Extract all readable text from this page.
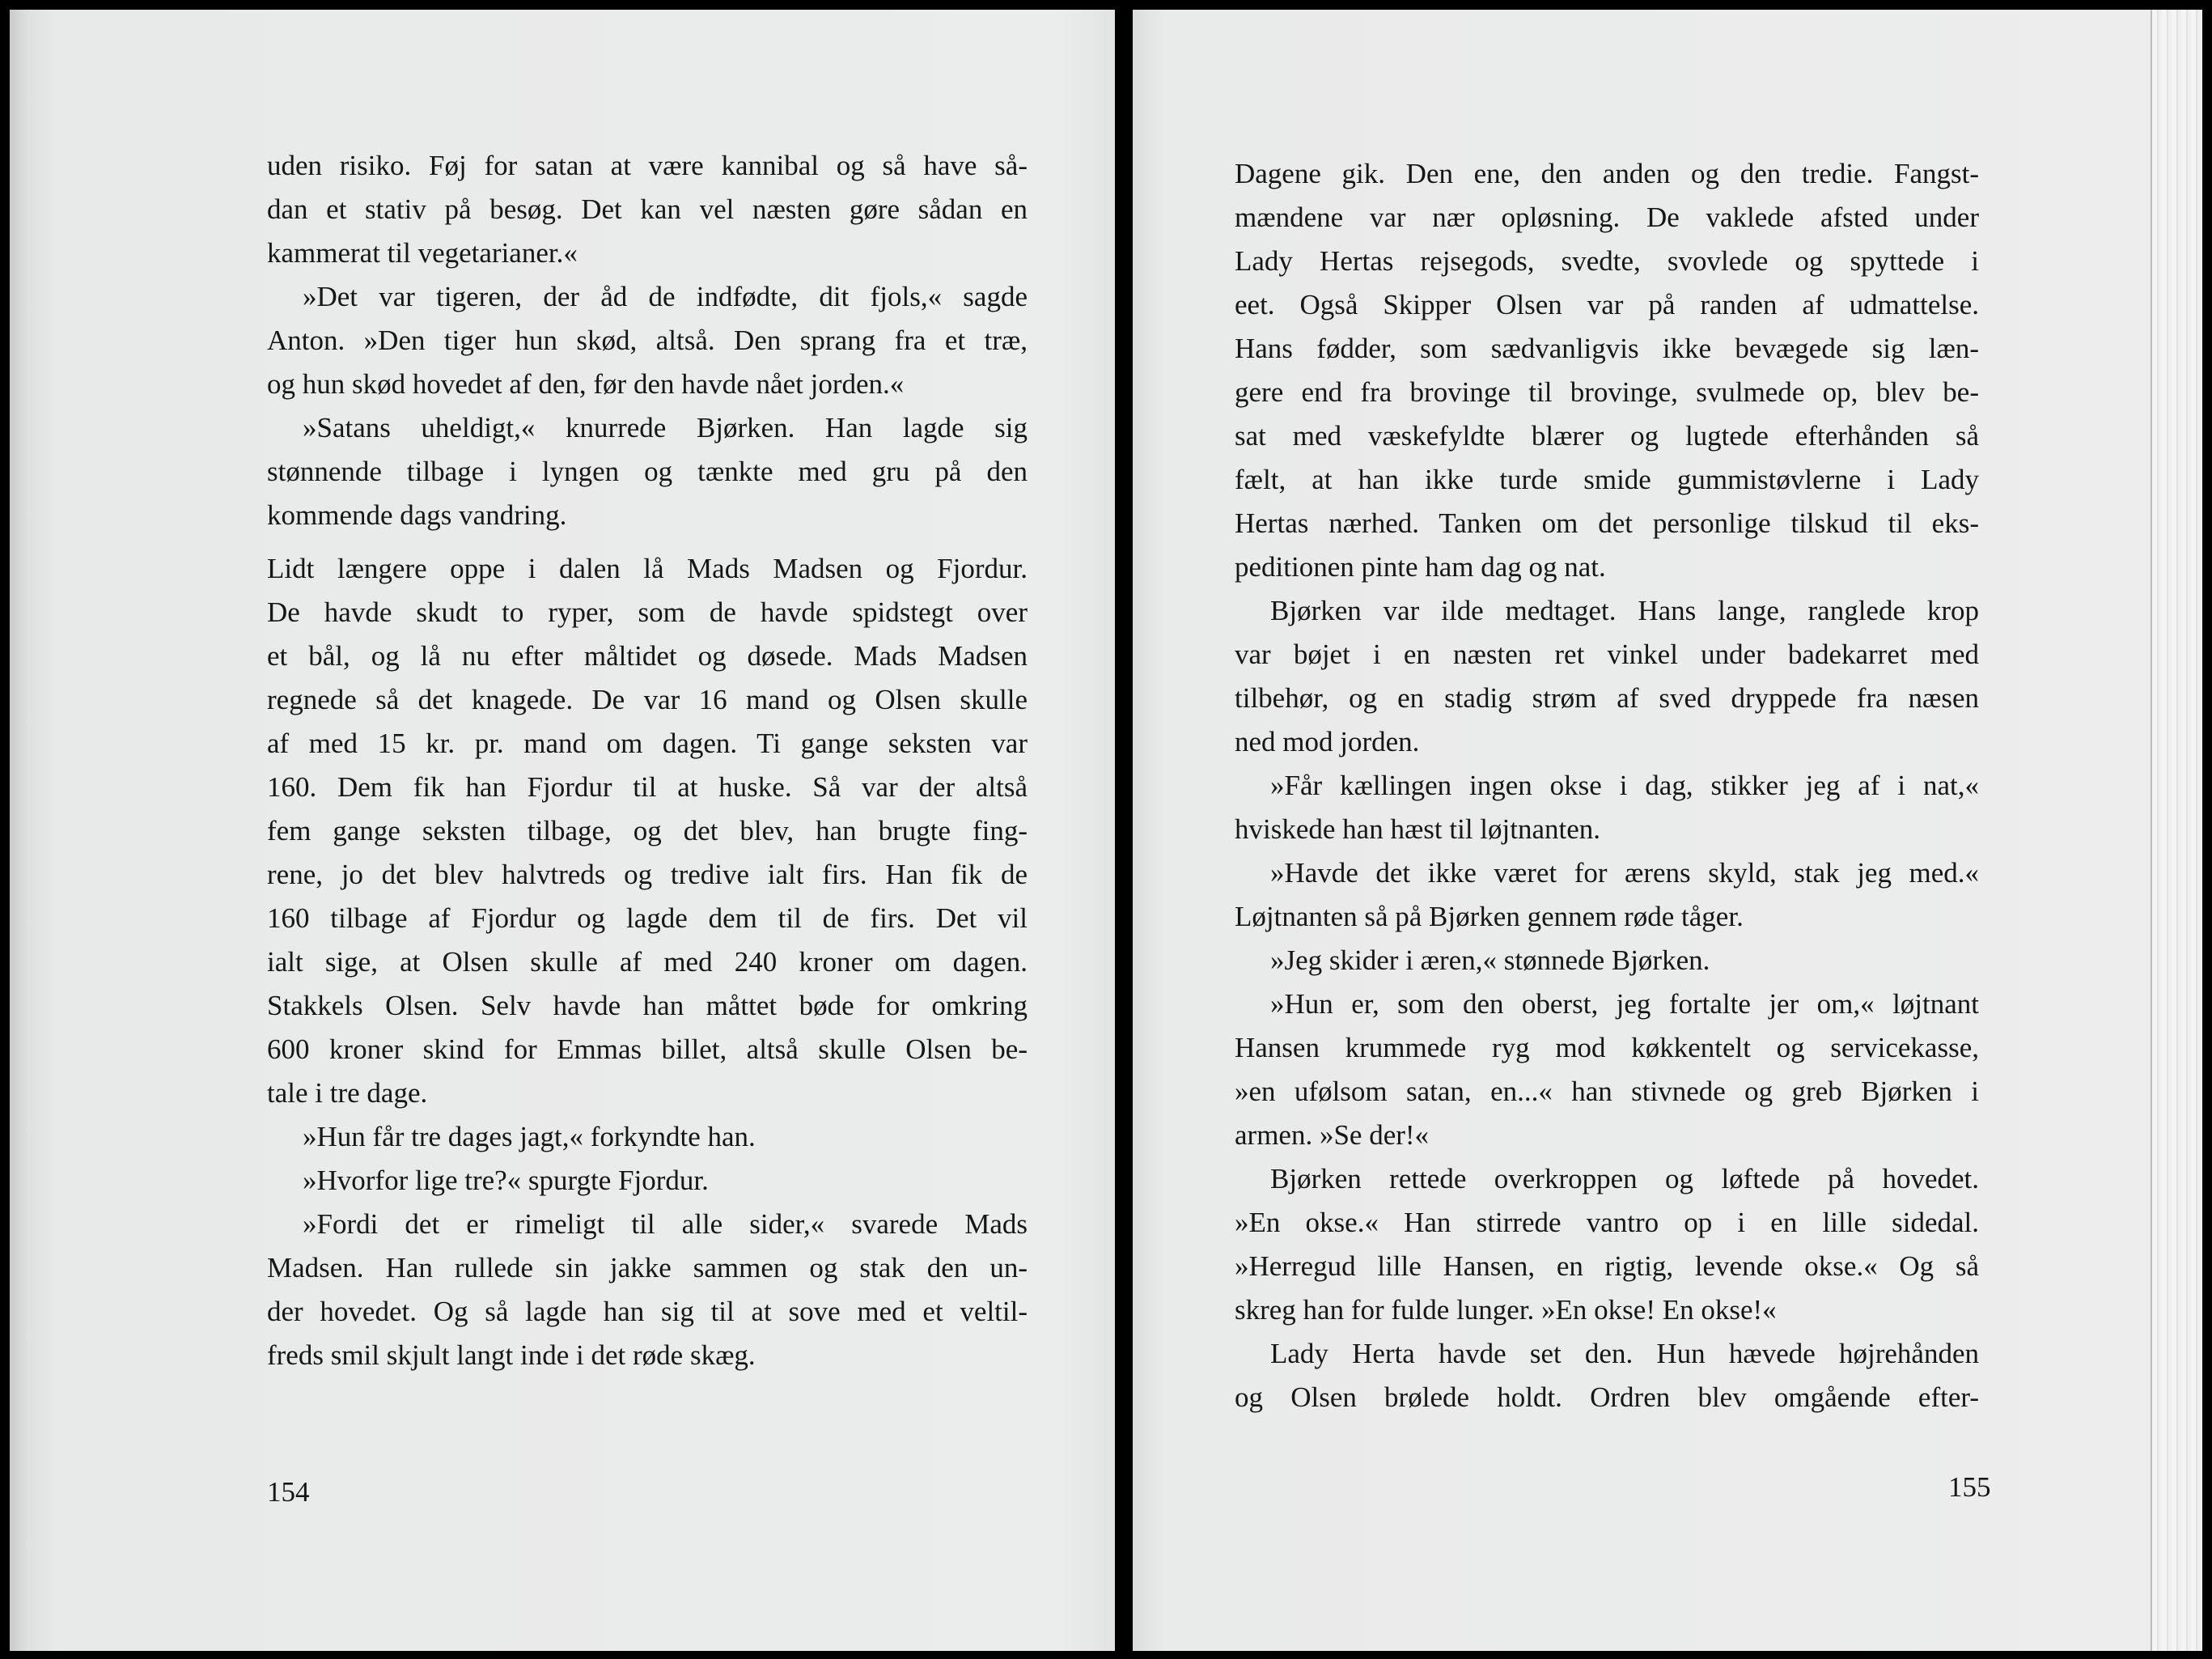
uden risiko. Føj for satan at være kannibal og så have så-
dan et stativ på besøg. Det kan vel næsten gøre sådan en
kammerat til vegetarianer.«
»Det var tigeren, der åd de indfødte, dit fjols,« sagde
Anton. »Den tiger hun skød, altså. Den sprang fra et træ,
og hun skød hovedet af den, før den havde nået jorden.«
»Satans uheldigt,« knurrede Bjørken. Han lagde sig
stønnende tilbage i lyngen og tænkte med gru på den
kommende dags vandring.
Lidt længere oppe i dalen lå Mads Madsen og Fjordur.
De havde skudt to ryper, som de havde spidstegt over
et bål, og lå nu efter måltidet og døsede. Mads Madsen
regnede så det knagede. De var 16 mand og Olsen skulle
af med 15 kr. pr. mand om dagen. Ti gange seksten var
160. Dem fik han Fjordur til at huske. Så var der altså
fem gange seksten tilbage, og det blev, han brugte fing-
rene, jo det blev halvtreds og tredive ialt firs. Han fik de
160 tilbage af Fjordur og lagde dem til de firs. Det vil
ialt sige, at Olsen skulle af med 240 kroner om dagen.
Stakkels Olsen. Selv havde han måttet bøde for omkring
600 kroner skind for Emmas billet, altså skulle Olsen be-
tale i tre dage.
»Hun får tre dages jagt,« forkyndte han.
»Hvorfor lige tre?« spurgte Fjordur.
»Fordi det er rimeligt til alle sider,« svarede Mads
Madsen. Han rullede sin jakke sammen og stak den un-
der hovedet. Og så lagde han sig til at sove med et veltil-
freds smil skjult langt inde i det røde skæg.
154
Dagene gik. Den ene, den anden og den tredie. Fangst-
mændene var nær opløsning. De vaklede afsted under
Lady Hertas rejsegods, svedte, svovlede og spyttede i
eet. Også Skipper Olsen var på randen af udmattelse.
Hans fødder, som sædvanligvis ikke bevægede sig læn-
gere end fra brovinge til brovinge, svulmede op, blev be-
sat med væskefyldte blærer og lugtede efterhånden så
fælt, at han ikke turde smide gummistøvlerne i Lady
Hertas nærhed. Tanken om det personlige tilskud til eks-
peditionen pinte ham dag og nat.
Bjørken var ilde medtaget. Hans lange, ranglede krop
var bøjet i en næsten ret vinkel under badekarret med
tilbehør, og en stadig strøm af sved dryppede fra næsen
ned mod jorden.
»Får kællingen ingen okse i dag, stikker jeg af i nat,«
hviskede han hæst til løjtnanten.
»Havde det ikke været for ærens skyld, stak jeg med.«
Løjtnanten så på Bjørken gennem røde tåger.
»Jeg skider i æren,« stønnede Bjørken.
»Hun er, som den oberst, jeg fortalte jer om,« løjtnant
Hansen krummede ryg mod køkkentelt og servicekasse,
»en ufølsom satan, en...« han stivnede og greb Bjørken i
armen. »Se der!«
Bjørken rettede overkroppen og løftede på hovedet.
»En okse.« Han stirrede vantro op i en lille sidedal.
»Herregud lille Hansen, en rigtig, levende okse.« Og så
skreg han for fulde lunger. »En okse! En okse!«
Lady Herta havde set den. Hun hævede højrehånden
og Olsen brølede holdt. Ordren blev omgående efter-
155
